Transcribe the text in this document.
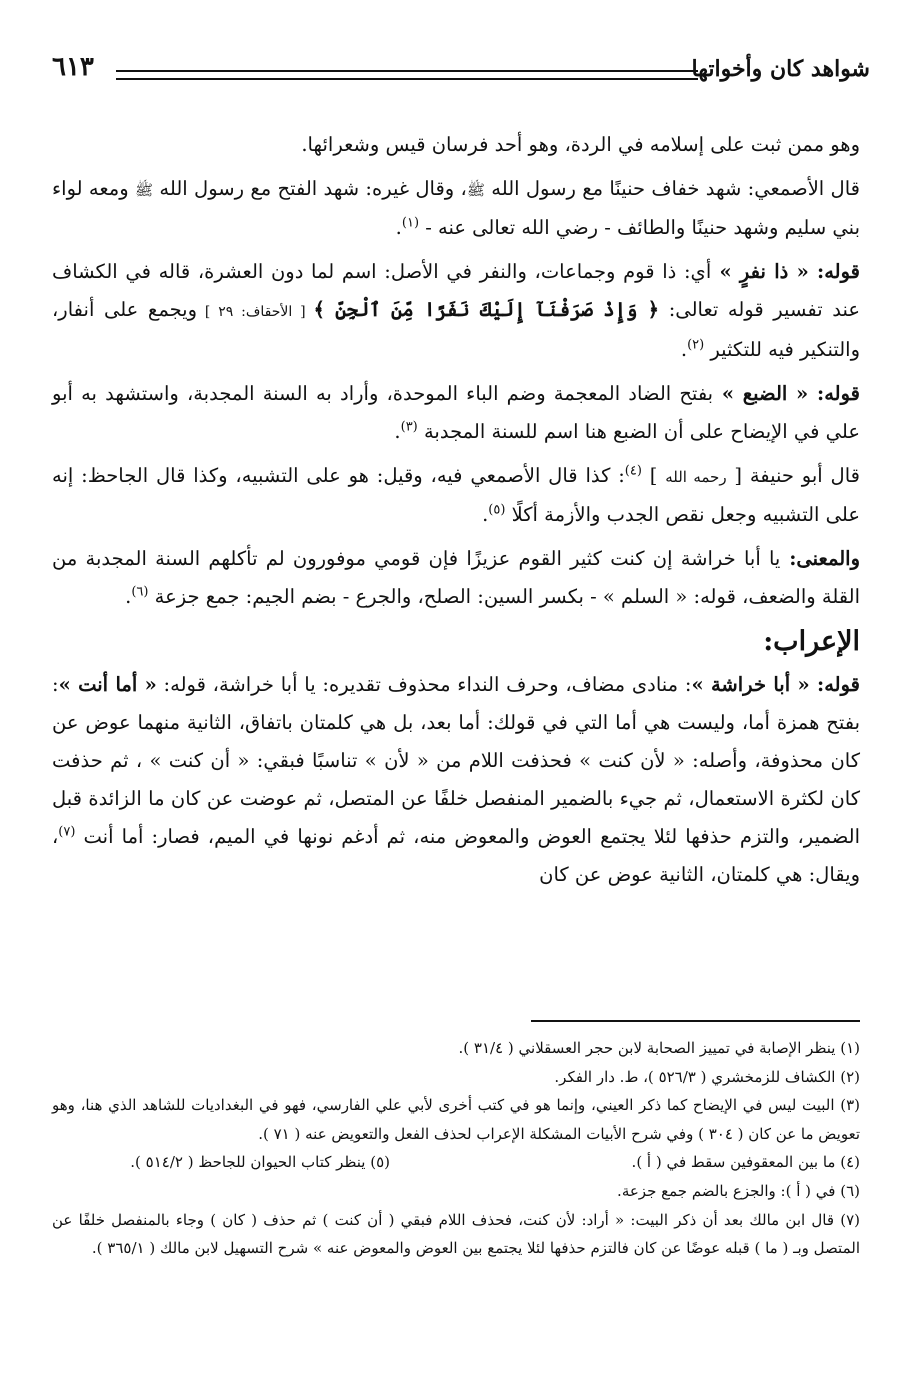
شواهد كان وأخواتها
٦١٣

وهو ممن ثبت على إسلامه في الردة، وهو أحد فرسان قيس وشعرائها.

قال الأصمعي: شهد خفاف حنينًا مع رسول الله ﷺ، وقال غيره: شهد الفتح مع رسول الله ﷺ ومعه لواء بني سليم وشهد حنينًا والطائف - رضي الله تعالى عنه - $^{(١)}$.

قوله: « ذا نفرٍ » أي: ذا قوم وجماعات، والنفر في الأصل: اسم لما دون العشرة، قاله في الكشاف عند تفسير قوله تعالى: ﴿ وَإِذْ صَرَفْنَآ إِلَيْكَ نَفَرًا مِّنَ ٱلْجِنِّ ﴾ [ الأحقاف: ٢٩ ] ويجمع على أنفار، والتنكير فيه للتكثير $^{(٢)}$.

قوله: « الضبع » بفتح الضاد المعجمة وضم الباء الموحدة، وأراد به السنة المجدبة، واستشهد به أبو علي في الإيضاح على أن الضبع هنا اسم للسنة المجدبة $^{(٣)}$.

قال أبو حنيفة [ رحمه الله ] $^{(٤)}$: كذا قال الأصمعي فيه، وقيل: هو على التشبيه، وكذا قال الجاحظ: إنه على التشبيه وجعل نقص الجدب والأزمة أكلًا $^{(٥)}$.

والمعنى: يا أبا خراشة إن كنت كثير القوم عزيزًا فإن قومي موفورون لم تأكلهم السنة المجدبة من القلة والضعف، قوله: « السلم » - بكسر السين: الصلح، والجرع - بضم الجيم: جمع جزعة $^{(٦)}$.

الإعراب:

قوله: « أبا خراشة »: منادى مضاف، وحرف النداء محذوف تقديره: يا أبا خراشة، قوله: « أما أنت »: بفتح همزة أما، وليست هي أما التي في قولك: أما بعد، بل هي كلمتان باتفاق، الثانية منهما عوض عن كان محذوفة، وأصله: « لأن كنت » فحذفت اللام من « لأن » تناسبًا فبقي: « أن كنت » ، ثم حذفت كان لكثرة الاستعمال، ثم جيء بالضمير المنفصل خلفًا عن المتصل، ثم عوضت عن كان ما الزائدة قبل الضمير، والتزم حذفها لئلا يجتمع العوض والمعوض منه، ثم أدغم نونها في الميم، فصار: أما أنت $^{(٧)}$، ويقال: هي كلمتان، الثانية عوض عن كان

(١) ينظر الإصابة في تمييز الصحابة لابن حجر العسقلاني ( ٣١/٤ ).

(٢) الكشاف للزمخشري ( ٥٢٦/٣ )، ط. دار الفكر.

(٣) البيت ليس في الإيضاح كما ذكر العيني، وإنما هو في كتب أخرى لأبي علي الفارسي، فهو في البغداديات للشاهد الذي هنا، وهو تعويض ما عن كان ( ٣٠٤ ) وفي شرح الأبيات المشكلة الإعراب لحذف الفعل والتعويض عنه ( ٧١ ).

(٤) ما بين المعقوفين سقط في ( أ ).
(٥) ينظر كتاب الحيوان للجاحظ ( ٥١٤/٢ ).

(٦) في ( أ ): والجزع بالضم جمع جزعة.

(٧) قال ابن مالك بعد أن ذكر البيت: « أراد: لأن كنت، فحذف اللام فبقي ( أن كنت ) ثم حذف ( كان ) وجاء بالمنفصل خلفًا عن المتصل وبـ ( ما ) قبله عوضًا عن كان فالتزم حذفها لئلا يجتمع بين العوض والمعوض عنه » شرح التسهيل لابن مالك ( ٣٦٥/١ ).
